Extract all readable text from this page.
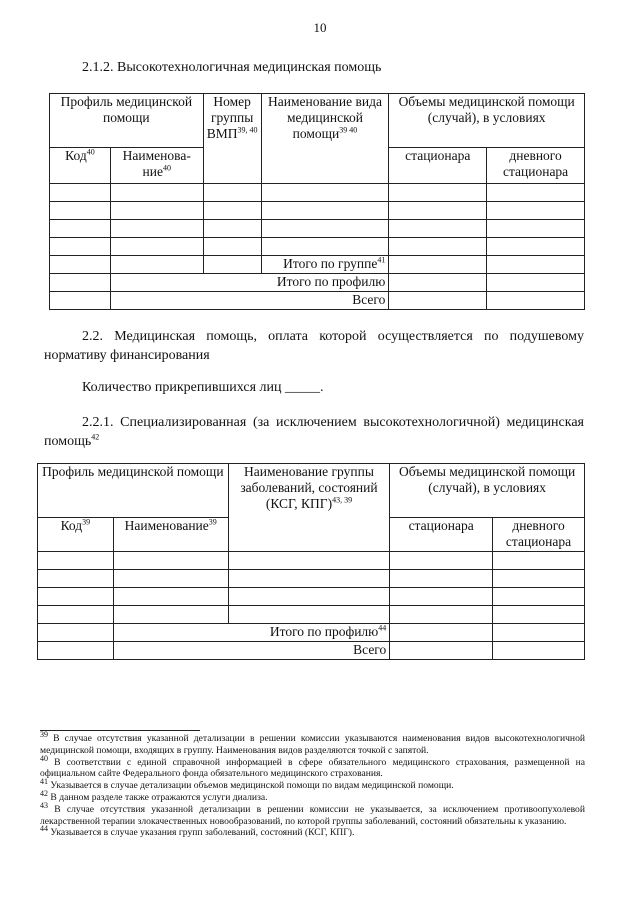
10
2.1.2. Высокотехнологичная медицинская помощь
Профиль медицинской помощи		Номер группы ВМП$^{39, 40}$	Наименование вида медицинской помощи$^{39 40}$	Объемы медицинской помощи (случай), в условиях	
Код$^{40}$	Наименова-ние$^{40}$			стационара	дневного стационара

			Итого по группе$^{41}$		
	Итого по профилю				
	Всего				
2.2. Медицинская помощь, оплата которой осуществляется по подушевому нормативу финансирования
Количество прикрепившихся лиц _____.
2.2.1. Специализированная (за исключением высокотехнологичной) медицинская помощь$^{42}$
Профиль медицинской помощи		Наименование группы заболеваний, состояний (КСГ, КПГ)$^{43, 39}$	Объемы медицинской помощи (случай), в условиях	
Код$^{39}$	Наименование$^{39}$		стационара	дневного стационара

	Итого по профилю$^{44}$		
	Всего			
$^{39}$ В случае отсутствия указанной детализации в решении комиссии указываются наименования видов высокотехнологичной медицинской помощи, входящих в группу. Наименования видов разделяются точкой с запятой.
$^{40}$ В соответствии с единой справочной информацией в сфере обязательного медицинского страхования, размещенной на официальном сайте Федерального фонда обязательного медицинского страхования.
$^{41}$ Указывается в случае детализации объемов медицинской помощи по видам медицинской помощи.
$^{42}$ В данном разделе также отражаются услуги диализа.
$^{43}$ В случае отсутствия указанной детализации в решении комиссии не указывается, за исключением противоопухолевой лекарственной терапии злокачественных новообразований, по которой группы заболеваний, состояний обязательны к указанию.
$^{44}$ Указывается в случае указания групп заболеваний, состояний (КСГ, КПГ).
